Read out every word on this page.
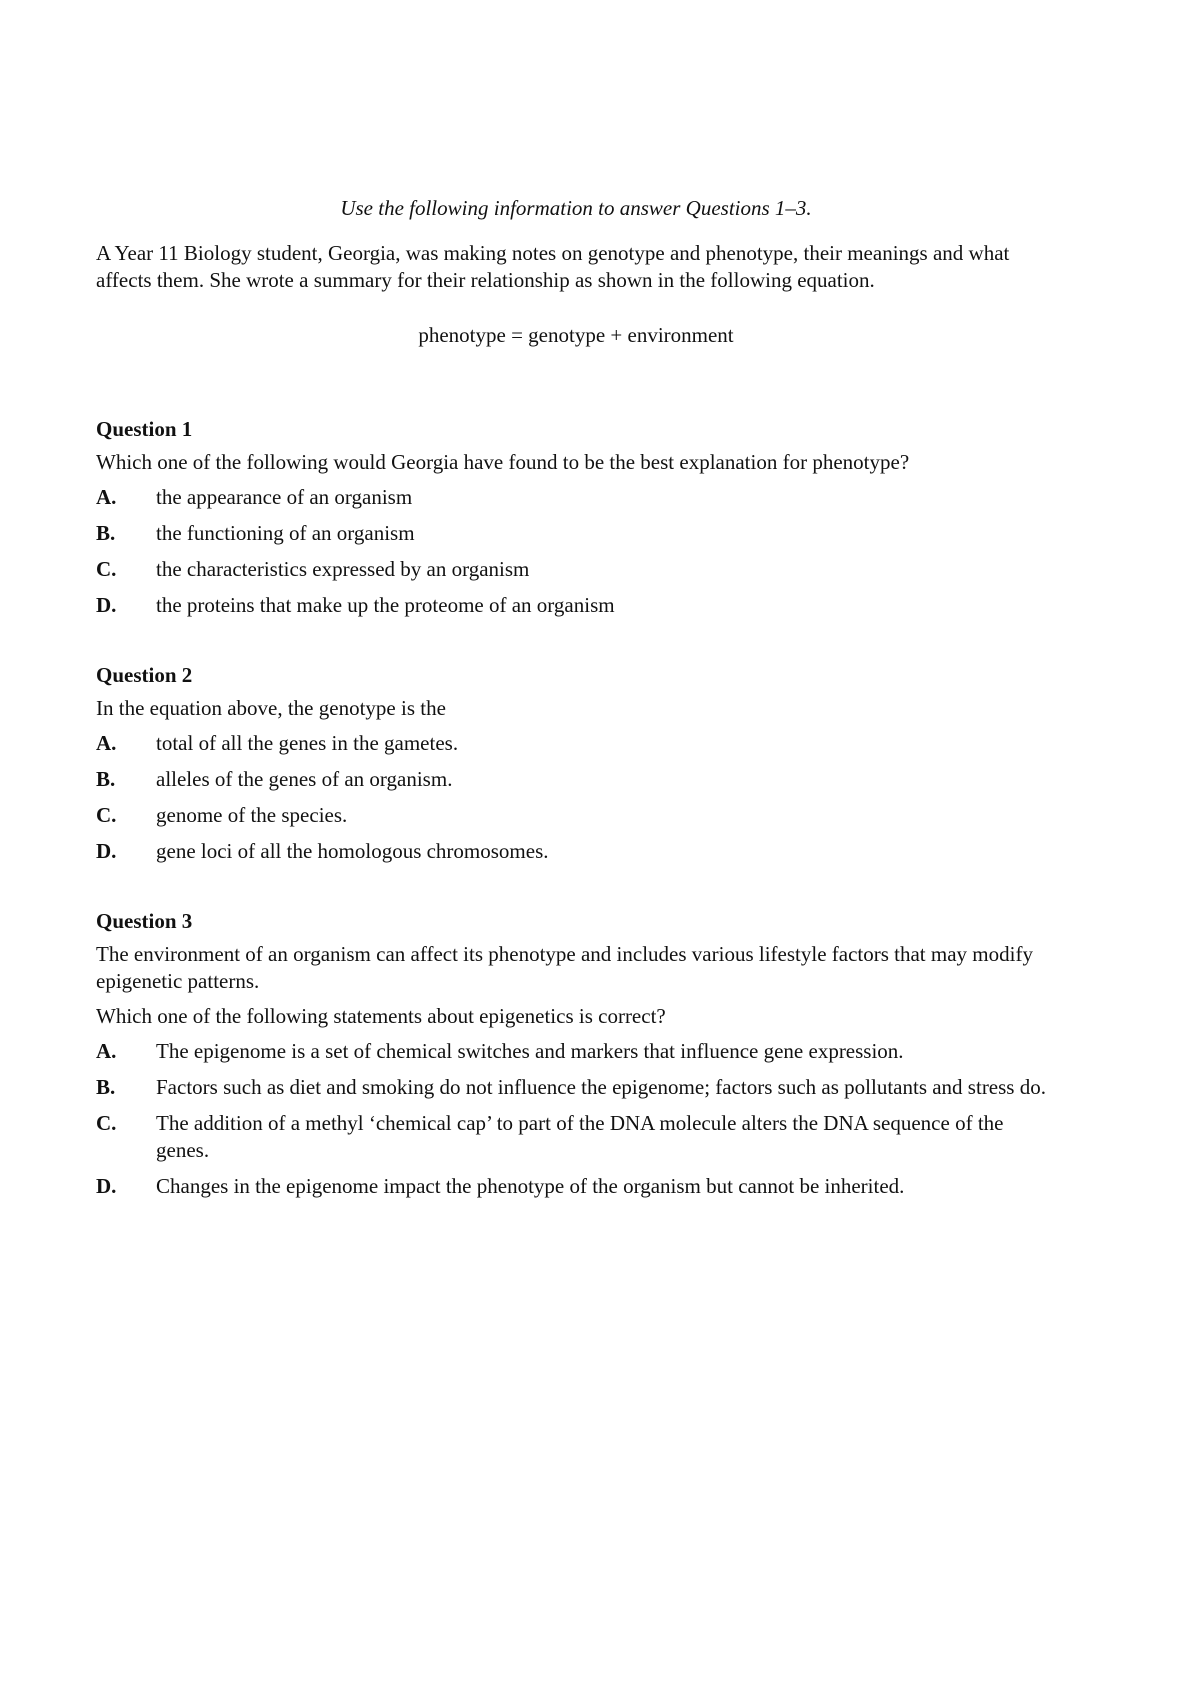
Use the following information to answer Questions 1–3.
A Year 11 Biology student, Georgia, was making notes on genotype and phenotype, their meanings and what affects them. She wrote a summary for their relationship as shown in the following equation.
phenotype = genotype + environment
Question 1
Which one of the following would Georgia have found to be the best explanation for phenotype?
A.	the appearance of an organism
B.	the functioning of an organism
C.	the characteristics expressed by an organism
D.	the proteins that make up the proteome of an organism
Question 2
In the equation above, the genotype is the
A.	total of all the genes in the gametes.
B.	alleles of the genes of an organism.
C.	genome of the species.
D.	gene loci of all the homologous chromosomes.
Question 3
The environment of an organism can affect its phenotype and includes various lifestyle factors that may modify epigenetic patterns.
Which one of the following statements about epigenetics is correct?
A.	The epigenome is a set of chemical switches and markers that influence gene expression.
B.	Factors such as diet and smoking do not influence the epigenome; factors such as pollutants and stress do.
C.	The addition of a methyl ‘chemical cap’ to part of the DNA molecule alters the DNA sequence of the genes.
D.	Changes in the epigenome impact the phenotype of the organism but cannot be inherited.
